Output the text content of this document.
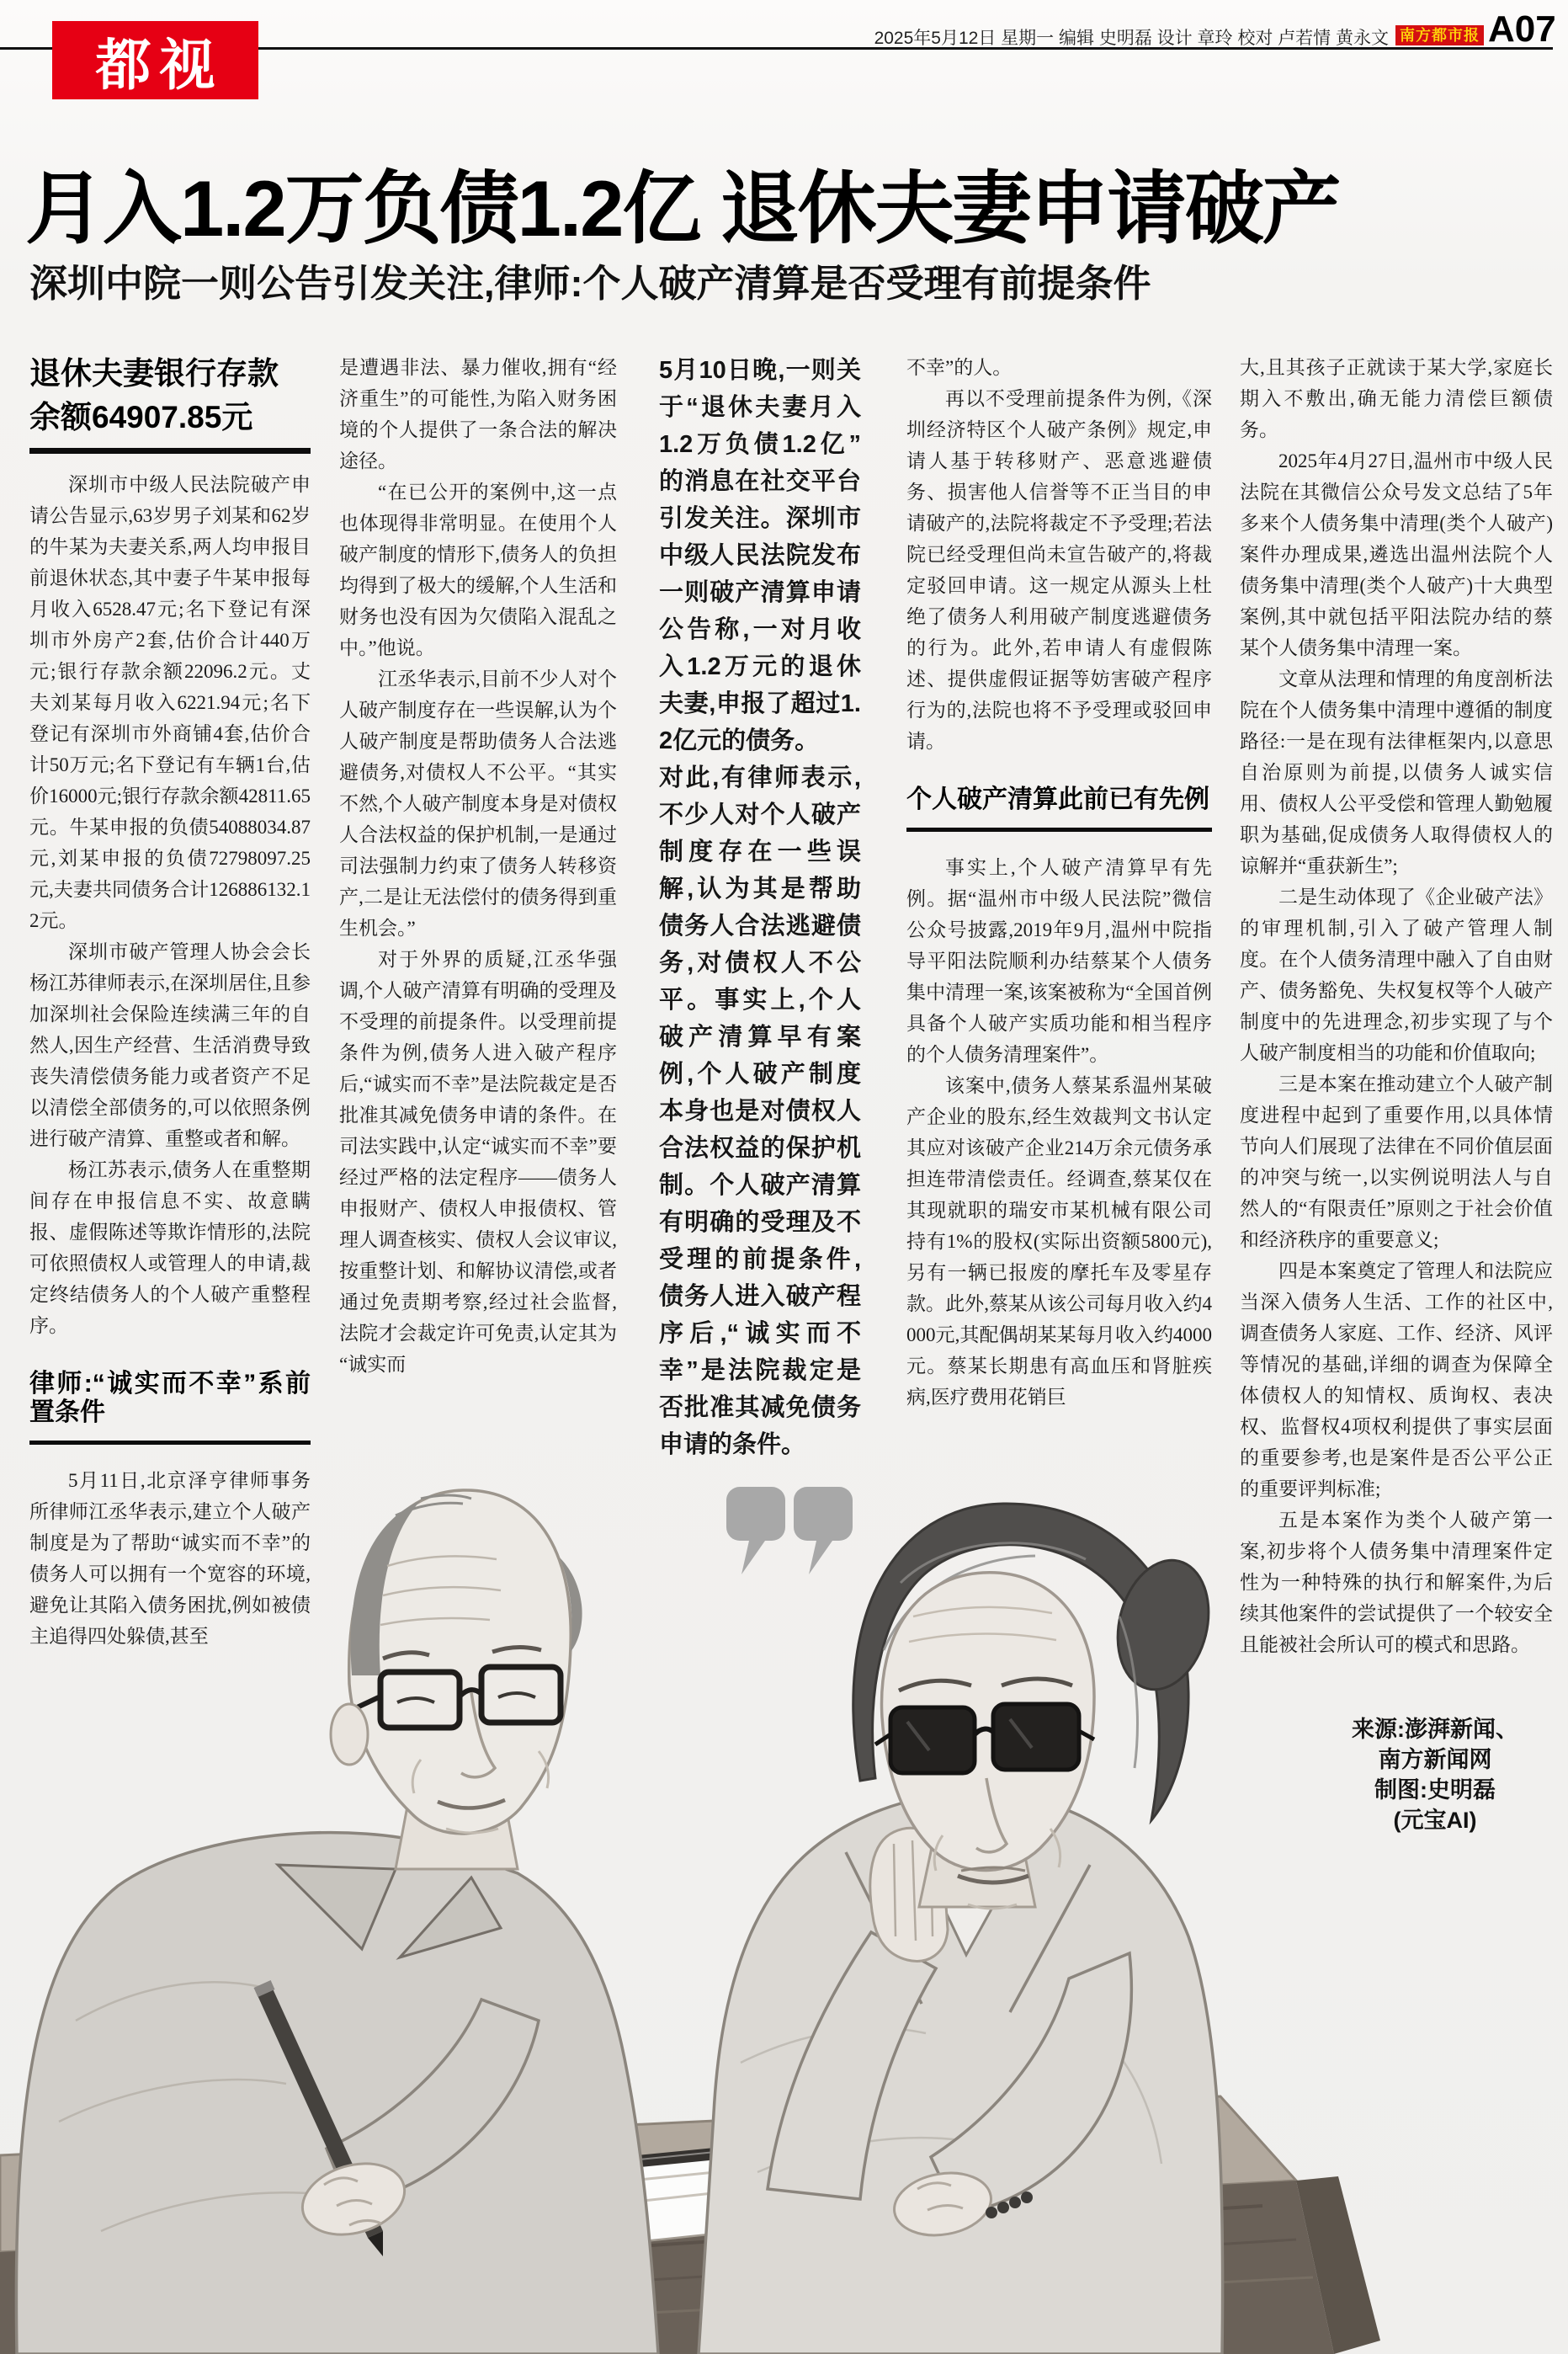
都视	2025年5月12日 星期一 编辑 史明磊 设计 章玲 校对 卢若情 黄永文 南方都市报 A07
月入1.2万负债1.2亿 退休夫妻申请破产
深圳中院一则公告引发关注,律师:个人破产清算是否受理有前提条件

退休夫妻银行存款

余额64907.85元

深圳市中级人民法院破产申请公告显示,63岁男子刘某和62岁的牛某为夫妻关系,两人均申报目前退休状态,其中妻子牛某申报每月收入6528.47元;名下登记有深圳市外房产2套,估价合计440万元;银行存款余额22096.2元。丈夫刘某每月收入6221.94元;名下登记有深圳市外商铺4套,估价合计50万元;名下登记有车辆1台,估价16000元;银行存款余额42811.65元。牛某申报的负债54088034.87元,刘某申报的负债72798097.25元,夫妻共同债务合计126886132.12元。

深圳市破产管理人协会会长杨江苏律师表示,在深圳居住,且参加深圳社会保险连续满三年的自然人,因生产经营、生活消费导致丧失清偿债务能力或者资产不足以清偿全部债务的,可以依照条例进行破产清算、重整或者和解。

杨江苏表示,债务人在重整期间存在申报信息不实、故意瞒报、虚假陈述等欺诈情形的,法院可依照债权人或管理人的申请,裁定终结债务人的个人破产重整程序。

律师:“诚实而不幸”系前置条件

5月11日,北京泽亨律师事务所律师江丞华表示,建立个人破产制度是为了帮助“诚实而不幸”的债务人可以拥有一个宽容的环境,避免让其陷入债务困扰,例如被债主追得四处躲债,甚至

是遭遇非法、暴力催收,拥有“经济重生”的可能性,为陷入财务困境的个人提供了一条合法的解决途径。

“在已公开的案例中,这一点也体现得非常明显。在使用个人破产制度的情形下,债务人的负担均得到了极大的缓解,个人生活和财务也没有因为欠债陷入混乱之中。”他说。

江丞华表示,目前不少人对个人破产制度存在一些误解,认为个人破产制度是帮助债务人合法逃避债务,对债权人不公平。“其实不然,个人破产制度本身是对债权人合法权益的保护机制,一是通过司法强制力约束了债务人转移资产,二是让无法偿付的债务得到重生机会。”

对于外界的质疑,江丞华强调,个人破产清算有明确的受理及不受理的前提条件。以受理前提条件为例,债务人进入破产程序后,“诚实而不幸”是法院裁定是否批准其减免债务申请的条件。在司法实践中,认定“诚实而不幸”要经过严格的法定程序——债务人申报财产、债权人申报债权、管理人调查核实、债权人会议审议,按重整计划、和解协议清偿,或者通过免责期考察,经过社会监督,法院才会裁定许可免责,认定其为“诚实而

5月10日晚,一则关于“退休夫妻月入1.2万负债1.2亿”的消息在社交平台引发关注。深圳市中级人民法院发布一则破产清算申请公告称,一对月收入1.2万元的退休夫妻,申报了超过1.2亿元的债务。

对此,有律师表示,不少人对个人破产制度存在一些误解,认为其是帮助债务人合法逃避债务,对债权人不公平。事实上,个人破产清算早有案例,个人破产制度本身也是对债权人合法权益的保护机制。个人破产清算有明确的受理及不受理的前提条件,债务人进入破产程序后,“诚实而不幸”是法院裁定是否批准其减免债务申请的条件。

不幸”的人。

再以不受理前提条件为例,《深圳经济特区个人破产条例》规定,申请人基于转移财产、恶意逃避债务、损害他人信誉等不正当目的申请破产的,法院将裁定不予受理;若法院已经受理但尚未宣告破产的,将裁定驳回申请。这一规定从源头上杜绝了债务人利用破产制度逃避债务的行为。此外,若申请人有虚假陈述、提供虚假证据等妨害破产程序行为的,法院也将不予受理或驳回申请。

个人破产清算此前已有先例

事实上,个人破产清算早有先例。据“温州市中级人民法院”微信公众号披露,2019年9月,温州中院指导平阳法院顺利办结蔡某个人债务集中清理一案,该案被称为“全国首例具备个人破产实质功能和相当程序的个人债务清理案件”。

该案中,债务人蔡某系温州某破产企业的股东,经生效裁判文书认定其应对该破产企业214万余元债务承担连带清偿责任。经调查,蔡某仅在其现就职的瑞安市某机械有限公司持有1%的股权(实际出资额5800元),另有一辆已报废的摩托车及零星存款。此外,蔡某从该公司每月收入约4000元,其配偶胡某某每月收入约4000元。蔡某长期患有高血压和肾脏疾病,医疗费用花销巨

大,且其孩子正就读于某大学,家庭长期入不敷出,确无能力清偿巨额债务。

2025年4月27日,温州市中级人民法院在其微信公众号发文总结了5年多来个人债务集中清理(类个人破产)案件办理成果,遴选出温州法院个人债务集中清理(类个人破产)十大典型案例,其中就包括平阳法院办结的蔡某个人债务集中清理一案。

文章从法理和情理的角度剖析法院在个人债务集中清理中遵循的制度路径:一是在现有法律框架内,以意思自治原则为前提,以债务人诚实信用、债权人公平受偿和管理人勤勉履职为基础,促成债务人取得债权人的谅解并“重获新生”;

二是生动体现了《企业破产法》的审理机制,引入了破产管理人制度。在个人债务清理中融入了自由财产、债务豁免、失权复权等个人破产制度中的先进理念,初步实现了与个人破产制度相当的功能和价值取向;

三是本案在推动建立个人破产制度进程中起到了重要作用,以具体情节向人们展现了法律在不同价值层面的冲突与统一,以实例说明法人与自然人的“有限责任”原则之于社会价值和经济秩序的重要意义;

四是本案奠定了管理人和法院应当深入债务人生活、工作的社区中,调查债务人家庭、工作、经济、风评等情况的基础,详细的调查为保障全体债权人的知情权、质询权、表决权、监督权4项权利提供了事实层面的重要参考,也是案件是否公平公正的重要评判标准;

五是本案作为类个人破产第一案,初步将个人债务集中清理案件定性为一种特殊的执行和解案件,为后续其他案件的尝试提供了一个较安全且能被社会所认可的模式和思路。

来源:澎湃新闻、
南方新闻网
制图:史明磊
(元宝AI)
